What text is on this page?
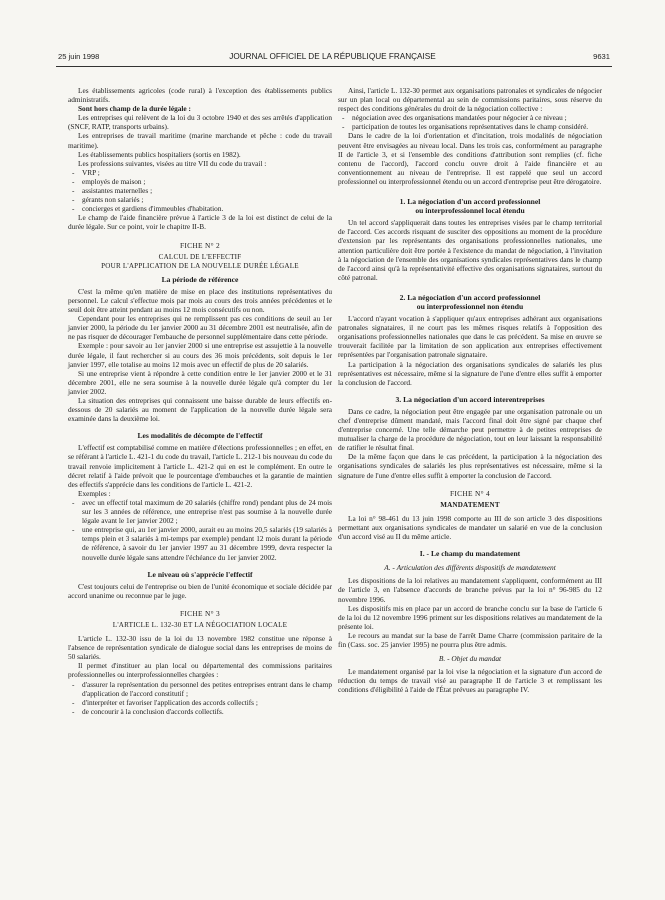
25 juin 1998	JOURNAL OFFICIEL DE LA RÉPUBLIQUE FRANÇAISE	9631

Les établissements agricoles (code rural) à l'exception des établissements publics administratifs.

Sont hors champ de la durée légale :

Les entreprises qui relèvent de la loi du 3 octobre 1940 et des ses arrêtés d'application (SNCF, RATP, transports urbains).

Les entreprises de travail maritime (marine marchande et pêche : code du travail maritime).

Les établissements publics hospitaliers (sortis en 1982).

Les professions suivantes, visées au titre VII du code du travail :

- VRP ;

- employés de maison ;

- assistantes maternelles ;

- gérants non salariés ;

- concierges et gardiens d'immeubles d'habitation.

Le champ de l'aide financière prévue à l'article 3 de la loi est distinct de celui de la durée légale. Sur ce point, voir le chapitre II-B.

FICHE N° 2
CALCUL DE L'EFFECTIF
POUR L'APPLICATION DE LA NOUVELLE DURÉE LÉGALE
La période de référence

C'est la même qu'en matière de mise en place des institutions représentatives du personnel. Le calcul s'effectue mois par mois au cours des trois années précédentes et le seuil doit être atteint pendant au moins 12 mois consécutifs ou non.

Cependant pour les entreprises qui ne remplissent pas ces conditions de seuil au 1er janvier 2000, la période du 1er janvier 2000 au 31 décembre 2001 est neutralisée, afin de ne pas risquer de décourager l'embauche de personnel supplémentaire dans cette période.

Exemple : pour savoir au 1er janvier 2000 si une entreprise est assujettie à la nouvelle durée légale, il faut rechercher si au cours des 36 mois précédents, soit depuis le 1er janvier 1997, elle totalise au moins 12 mois avec un effectif de plus de 20 salariés.

Si une entreprise vient à répondre à cette condition entre le 1er janvier 2000 et le 31 décembre 2001, elle ne sera soumise à la nouvelle durée légale qu'à compter du 1er janvier 2002.

La situation des entreprises qui connaissent une baisse durable de leurs effectifs en-dessous de 20 salariés au moment de l'application de la nouvelle durée légale sera examinée dans la deuxième loi.

Les modalités de décompte de l'effectif

L'effectif est comptabilisé comme en matière d'élections professionnelles ; en effet, en se référant à l'article L. 421-1 du code du travail, l'article L. 212-1 bis nouveau du code du travail renvoie implicitement à l'article L. 421-2 qui en est le complément. En outre le décret relatif à l'aide prévoit que le pourcentage d'embauches et la garantie de maintien des effectifs s'apprécie dans les conditions de l'article L. 421-2.

Exemples :

- avec un effectif total maximum de 20 salariés (chiffre rond) pendant plus de 24 mois sur les 3 années de référence, une entreprise n'est pas soumise à la nouvelle durée légale avant le 1er janvier 2002 ;

- une entreprise qui, au 1er janvier 2000, aurait eu au moins 20,5 salariés (19 salariés à temps plein et 3 salariés à mi-temps par exemple) pendant 12 mois durant la période de référence, à savoir du 1er janvier 1997 au 31 décembre 1999, devra respecter la nouvelle durée légale sans attendre l'échéance du 1er janvier 2002.

Le niveau où s'apprécie l'effectif

C'est toujours celui de l'entreprise ou bien de l'unité économique et sociale décidée par accord unanime ou reconnue par le juge.

FICHE N° 3
L'ARTICLE L. 132-30 ET LA NÉGOCIATION LOCALE

L'article L. 132-30 issu de la loi du 13 novembre 1982 constitue une réponse à l'absence de représentation syndicale de dialogue social dans les entreprises de moins de 50 salariés.

Il permet d'instituer au plan local ou départemental des commissions paritaires professionnelles ou interprofessionnelles chargées :

- d'assurer la représentation du personnel des petites entreprises entrant dans le champ d'application de l'accord constitutif ;

- d'interpréter et favoriser l'application des accords collectifs ;

- de concourir à la conclusion d'accords collectifs.

Ainsi, l'article L. 132-30 permet aux organisations patronales et syndicales de négocier sur un plan local ou départemental au sein de commissions paritaires, sous réserve du respect des conditions générales du droit de la négociation collective :

- négociation avec des organisations mandatées pour négocier à ce niveau ;

- participation de toutes les organisations représentatives dans le champ considéré.

Dans le cadre de la loi d'orientation et d'incitation, trois modalités de négociation peuvent être envisagées au niveau local. Dans les trois cas, conformément au paragraphe II de l'article 3, et si l'ensemble des conditions d'attribution sont remplies (cf. fiche contenu de l'accord), l'accord conclu ouvre droit à l'aide financière et au conventionnement au niveau de l'entreprise. Il est rappelé que seul un accord professionnel ou interprofessionnel étendu ou un accord d'entreprise peut être dérogatoire.

1. La négociation d'un accord professionnel
ou interprofessionnel local étendu

Un tel accord s'appliquerait dans toutes les entreprises visées par le champ territorial de l'accord. Ces accords risquant de susciter des oppositions au moment de la procédure d'extension par les représentants des organisations professionnelles nationales, une attention particulière doit être portée à l'existence du mandat de négociation, à l'invitation à la négociation de l'ensemble des organisations syndicales représentatives dans le champ de l'accord ainsi qu'à la représentativité effective des organisations signataires, surtout du côté patronal.

2. La négociation d'un accord professionnel
ou interprofessionnel non étendu

L'accord n'ayant vocation à s'appliquer qu'aux entreprises adhérant aux organisations patronales signataires, il ne court pas les mêmes risques relatifs à l'opposition des organisations professionnelles nationales que dans le cas précédent. Sa mise en œuvre se trouverait facilitée par la limitation de son application aux entreprises effectivement représentées par l'organisation patronale signataire.

La participation à la négociation des organisations syndicales de salariés les plus représentatives est nécessaire, même si la signature de l'une d'entre elles suffit à emporter la conclusion de l'accord.

3. La négociation d'un accord interentreprises

Dans ce cadre, la négociation peut être engagée par une organisation patronale ou un chef d'entreprise dûment mandaté, mais l'accord final doit être signé par chaque chef d'entreprise concerné. Une telle démarche peut permettre à de petites entreprises de mutualiser la charge de la procédure de négociation, tout en leur laissant la responsabilité de ratifier le résultat final.

De la même façon que dans le cas précédent, la participation à la négociation des organisations syndicales de salariés les plus représentatives est nécessaire, même si la signature de l'une d'entre elles suffit à emporter la conclusion de l'accord.

FICHE N° 4
MANDATEMENT

La loi n° 98-461 du 13 juin 1998 comporte au III de son article 3 des dispositions permettant aux organisations syndicales de mandater un salarié en vue de la conclusion d'un accord visé au II du même article.

I. - Le champ du mandatement
A. - Articulation des différents dispositifs de mandatement

Les dispositions de la loi relatives au mandatement s'appliquent, conformément au III de l'article 3, en l'absence d'accords de branche prévus par la loi n° 96-985 du 12 novembre 1996.

Les dispositifs mis en place par un accord de branche conclu sur la base de l'article 6 de la loi du 12 novembre 1996 priment sur les dispositions relatives au mandatement de la présente loi.

Le recours au mandat sur la base de l'arrêt Dame Charre (commission paritaire de la fin (Cass. soc. 25 janvier 1995) ne pourra plus être admis.

B. - Objet du mandat

Le mandatement organisé par la loi vise la négociation et la signature d'un accord de réduction du temps de travail visé au paragraphe II de l'article 3 et remplissant les conditions d'éligibilité à l'aide de l'État prévues au paragraphe IV.
